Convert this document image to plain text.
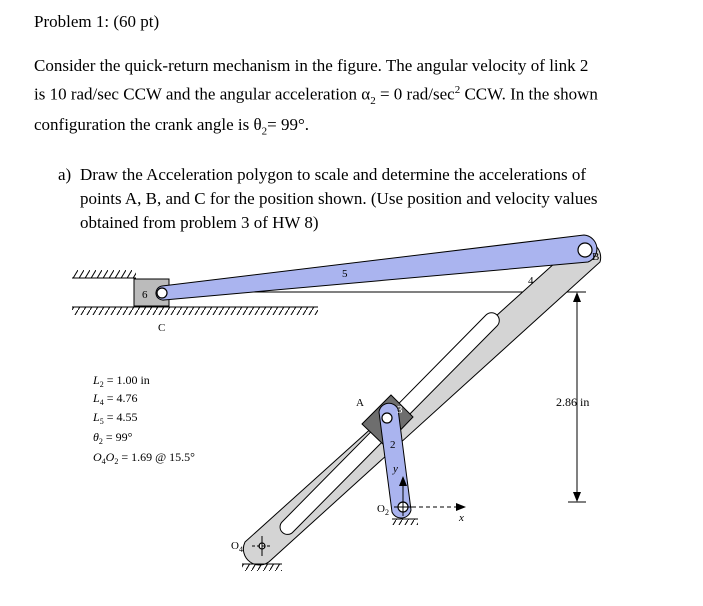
Problem 1: (60 pt)

Consider the quick-return mechanism in the figure. The angular velocity of link 2
is 10 rad/sec CCW and the angular acceleration $\alpha_2 = 0$ rad/$\sec^2$ CCW. In the shown
configuration the crank angle is $\theta_2= 99^\circ$.

a) Draw the Acceleration polygon to scale and determine the accelerations of
points A, B, and C for the position shown. (Use position and velocity values
obtained from problem 3 of HW 8)
B
C
A
$O_2$
$O_4$
x
y
2
3
4
5
6
2.86 in
$L_2 = 1.00$ in
$L_4 = 4.76$
$L_5 = 4.55$
$\theta_2 = 99^\circ$
$O_4O_2 = 1.69$ @ 15.5°
